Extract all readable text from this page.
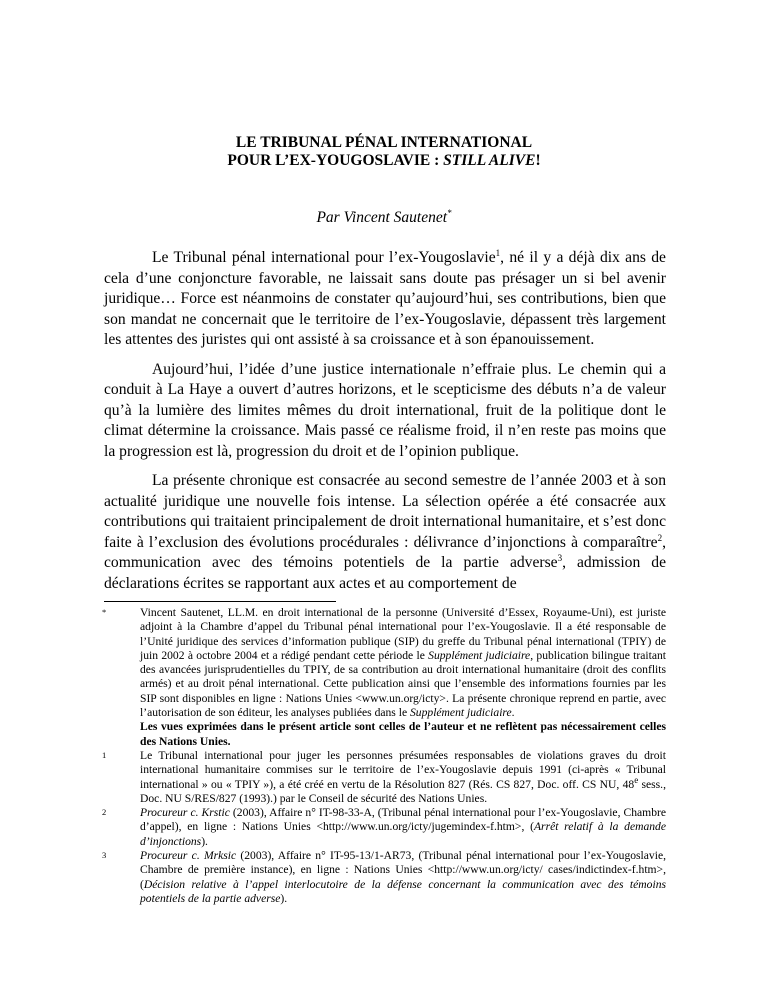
LE TRIBUNAL PÉNAL INTERNATIONAL
POUR L’EX-YOUGOSLAVIE : STILL ALIVE!
Par Vincent Sautenet*

Le Tribunal pénal international pour l’ex-Yougoslavie$^1$, né il y a déjà dix ans de cela d’une conjoncture favorable, ne laissait sans doute pas présager un si bel avenir juridique… Force est néanmoins de constater qu’aujourd’hui, ses contributions, bien que son mandat ne concernait que le territoire de l’ex-Yougoslavie, dépassent très largement les attentes des juristes qui ont assisté à sa croissance et à son épanouissement.

Aujourd’hui, l’idée d’une justice internationale n’effraie plus. Le chemin qui a conduit à La Haye a ouvert d’autres horizons, et le scepticisme des débuts n’a de valeur qu’à la lumière des limites mêmes du droit international, fruit de la politique dont le climat détermine la croissance. Mais passé ce réalisme froid, il n’en reste pas moins que la progression est là, progression du droit et de l’opinion publique.

La présente chronique est consacrée au second semestre de l’année 2003 et à son actualité juridique une nouvelle fois intense. La sélection opérée a été consacrée aux contributions qui traitaient principalement de droit international humanitaire, et s’est donc faite à l’exclusion des évolutions procédurales : délivrance d’injonctions à comparaître$^2$, communication avec des témoins potentiels de la partie adverse$^3$, admission de déclarations écrites se rapportant aux actes et au comportement de

*	Vincent Sautenet, LL.M. en droit international de la personne (Université d’Essex, Royaume-Uni), est juriste adjoint à la Chambre d’appel du Tribunal pénal international pour l’ex-Yougoslavie. Il a été responsable de l’Unité juridique des services d’information publique (SIP) du greffe du Tribunal pénal international (TPIY) de juin 2002 à octobre 2004 et a rédigé pendant cette période le Supplément judiciaire, publication bilingue traitant des avancées jurisprudentielles du TPIY, de sa contribution au droit international humanitaire (droit des conflits armés) et au droit pénal international. Cette publication ainsi que l’ensemble des informations fournies par les SIP sont disponibles en ligne : Nations Unies <www.un.org/icty>. La présente chronique reprend en partie, avec l’autorisation de son éditeur, les analyses publiées dans le Supplément judiciaire.
Les vues exprimées dans le présent article sont celles de l’auteur et ne reflètent pas nécessairement celles des Nations Unies.
1	Le Tribunal international pour juger les personnes présumées responsables de violations graves du droit international humanitaire commises sur le territoire de l’ex-Yougoslavie depuis 1991 (ci-après « Tribunal international » ou « TPIY »), a été créé en vertu de la Résolution 827 (Rés. CS 827, Doc. off. CS NU, 48e sess., Doc. NU S/RES/827 (1993).) par le Conseil de sécurité des Nations Unies.
2	Procureur c. Krstic (2003), Affaire n° IT-98-33-A, (Tribunal pénal international pour l’ex-Yougoslavie, Chambre d’appel), en ligne : Nations Unies <http://www.un.org/icty/jugemindex-f.htm>, (Arrêt relatif à la demande d’injonctions).
3	Procureur c. Mrksic (2003), Affaire n° IT-95-13/1-AR73, (Tribunal pénal international pour l’ex-Yougoslavie, Chambre de première instance), en ligne : Nations Unies <http://www.un.org/icty/ cases/indictindex-f.htm>, (Décision relative à l’appel interlocutoire de la défense concernant la communication avec des témoins potentiels de la partie adverse).
